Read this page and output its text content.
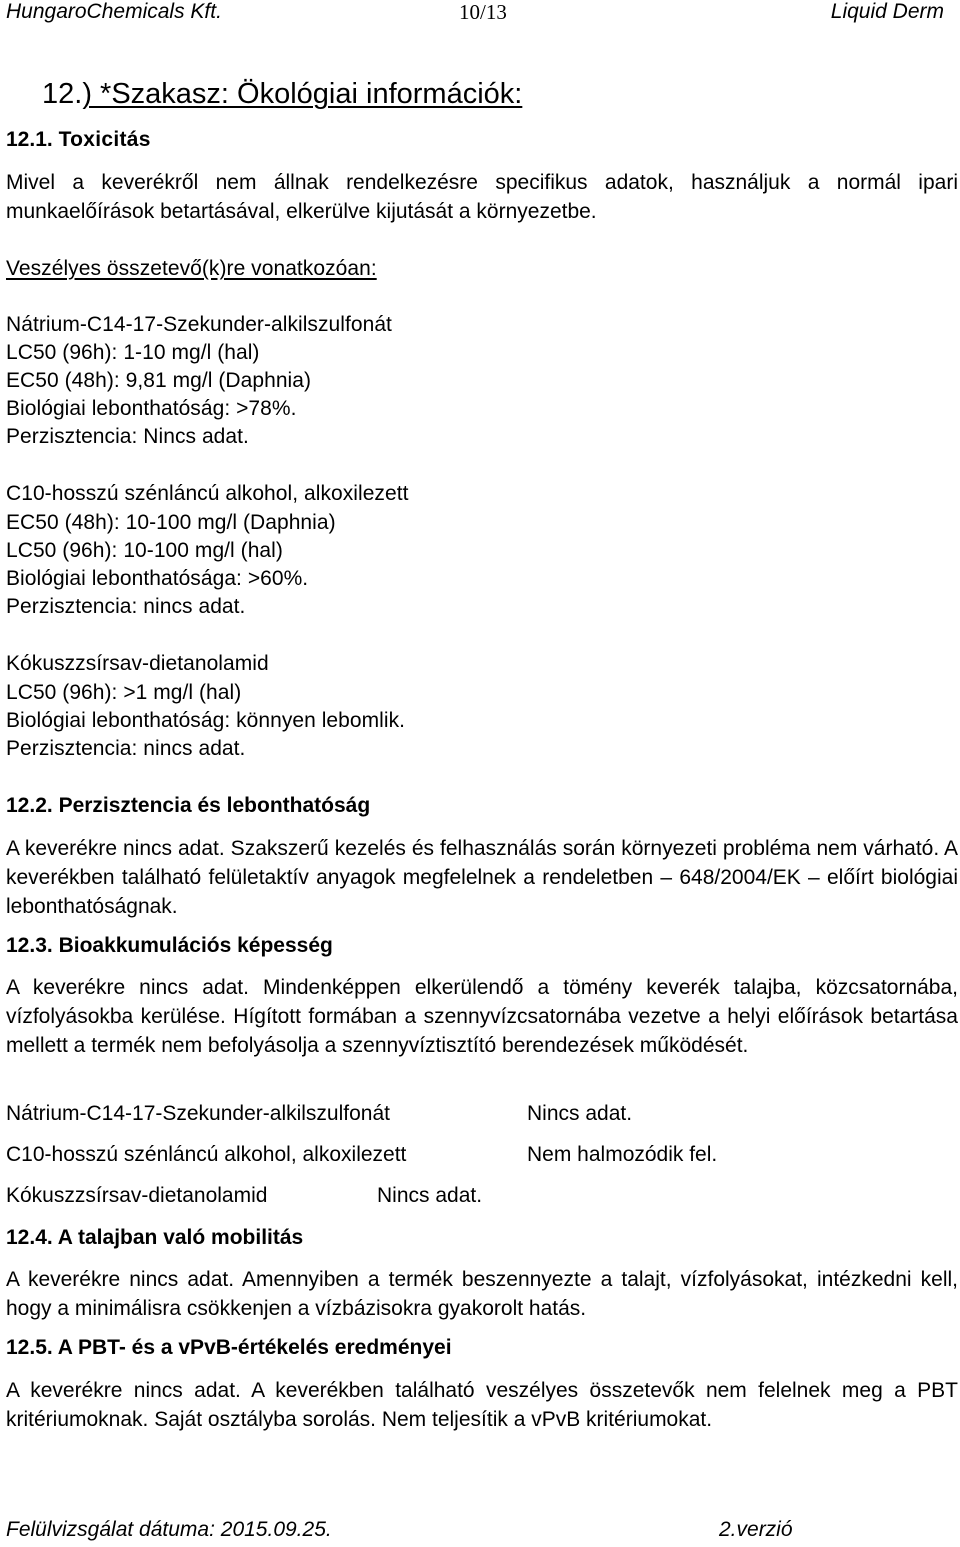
HungaroChemicals Kft.	10/13	Liquid Derm
12.) *Szakasz: Ökológiai információk:
12.1. Toxicitás
Mivel a keverékről nem állnak rendelkezésre specifikus adatok, használjuk a normál ipari munkaelőírások betartásával, elkerülve kijutását a környezetbe.
Veszélyes összetevő(k)re vonatkozóan:
Nátrium-C14-17-Szekunder-alkilszulfonát
LC50 (96h): 1-10 mg/l (hal)
EC50 (48h): 9,81 mg/l (Daphnia)
Biológiai lebonthatóság: >78%.
Perzisztencia: Nincs adat.
C10-hosszú szénláncú alkohol, alkoxilezett
EC50 (48h): 10-100 mg/l (Daphnia)
LC50 (96h): 10-100 mg/l (hal)
Biológiai lebonthatósága: >60%.
Perzisztencia: nincs adat.
Kókuszzsírsav-dietanolamid
LC50 (96h): >1 mg/l (hal)
Biológiai lebonthatóság: könnyen lebomlik.
Perzisztencia: nincs adat.
12.2. Perzisztencia és lebonthatóság
A keverékre nincs adat. Szakszerű kezelés és felhasználás során környezeti probléma nem várható. A keverékben található felületaktív anyagok megfelelnek a rendeletben – 648/2004/EK – előírt biológiai lebonthatóságnak.
12.3. Bioakkumulációs képesség
A keverékre nincs adat. Mindenképpen elkerülendő a tömény keverék talajba, közcsatornába, vízfolyásokba kerülése. Hígított formában a szennyvízcsatornába vezetve a helyi előírások betartása mellett a termék nem befolyásolja a szennyvíztisztító berendezések működését.
Nátrium-C14-17-Szekunder-alkilszulfonát	Nincs adat.
C10-hosszú szénláncú alkohol, alkoxilezett	Nem halmozódik fel.
Kókuszzsírsav-dietanolamid	Nincs adat.
12.4. A talajban való mobilitás
A keverékre nincs adat. Amennyiben a termék beszennyezte a talajt, vízfolyásokat, intézkedni kell, hogy a minimálisra csökkenjen a vízbázisokra gyakorolt hatás.
12.5. A PBT- és a vPvB-értékelés eredményei
A keverékre nincs adat. A keverékben található veszélyes összetevők nem felelnek meg a PBT kritériumoknak. Saját osztályba sorolás. Nem teljesítik a vPvB kritériumokat.
Felülvizsgálat dátuma: 2015.09.25.	2.verzió
